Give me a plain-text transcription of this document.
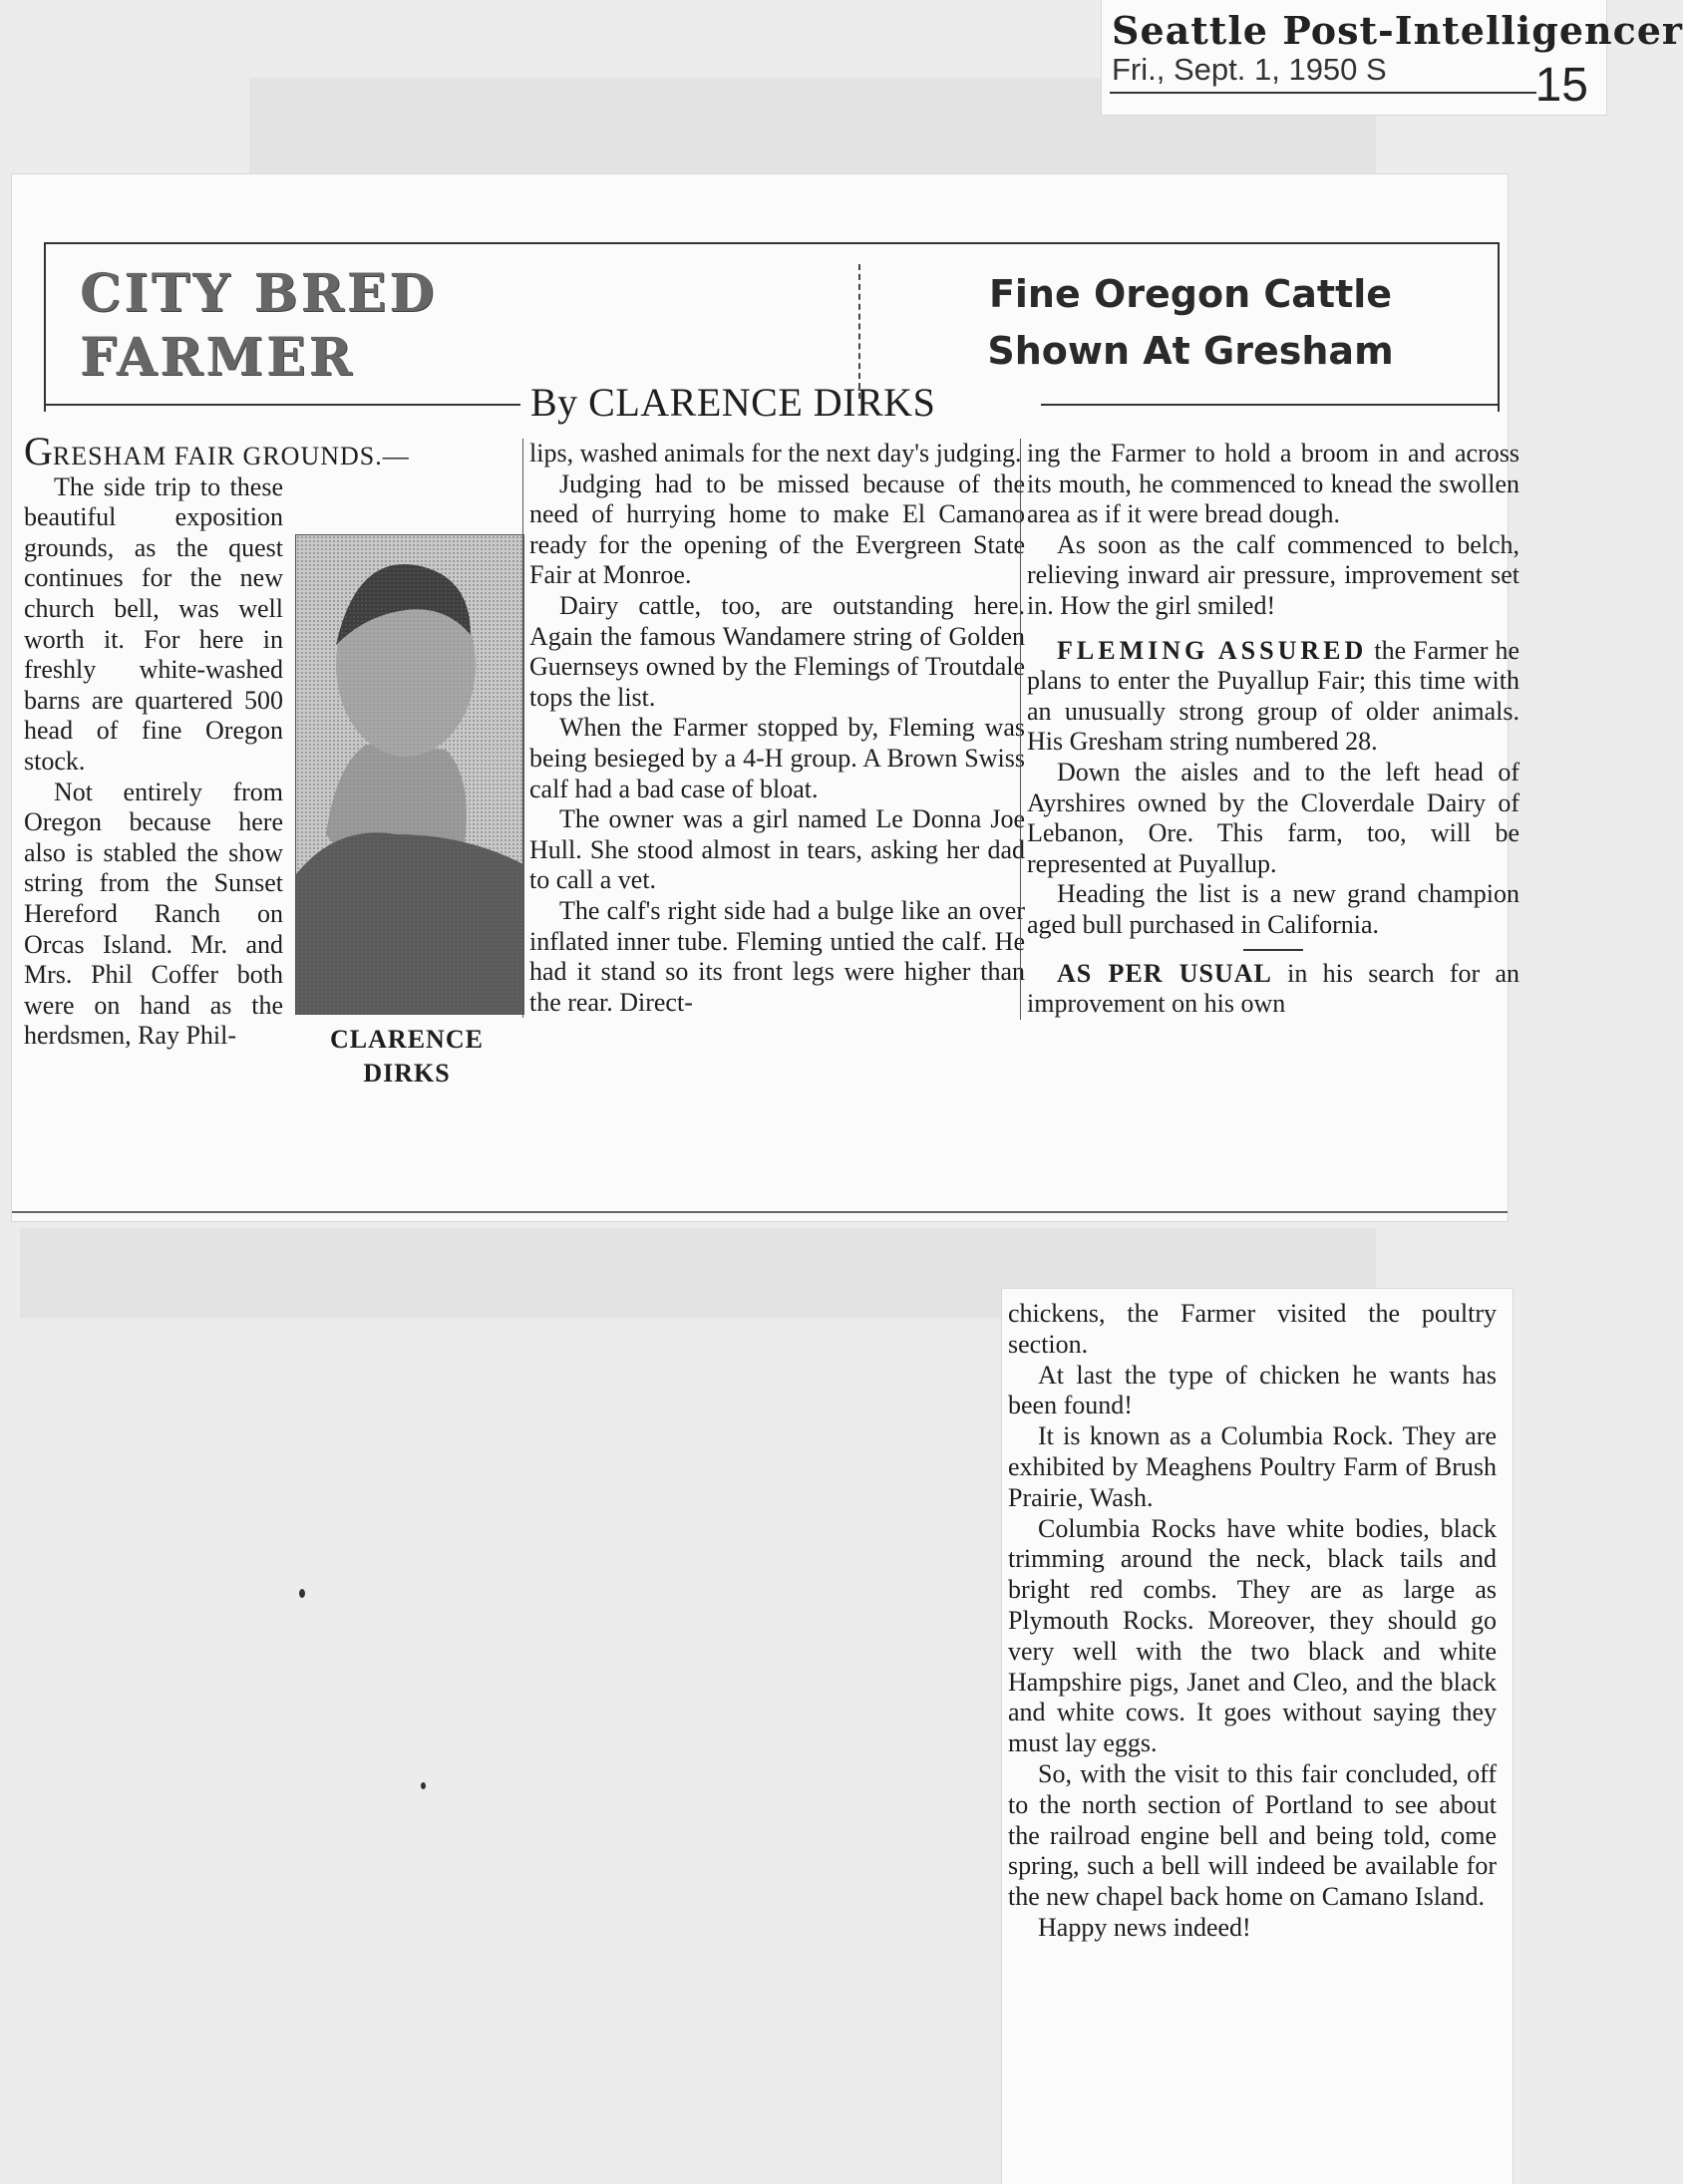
Seattle Post-Intelligencer
Fri., Sept. 1, 1950 S	15
CITY BRED
FARMER
Fine Oregon Cattle
Shown At Gresham
By CLARENCE DIRKS

GRESHAM FAIR GROUNDS.—

CLARENCE
DIRKS

The side trip to these beautiful exposition grounds, as the quest continues for the new church bell, was well worth it. For here in freshly white-washed barns are quartered 500 head of fine Oregon stock.

Not entirely from Oregon because here also is stabled the show string from the Sunset Hereford Ranch on Orcas Island. Mr. and Mrs. Phil Coffer both were on hand as the herdsmen, Ray Phil-

lips, washed animals for the next day's judging.

Judging had to be missed because of the need of hurrying home to make El Camano ready for the opening of the Evergreen State Fair at Monroe.

Dairy cattle, too, are outstanding here. Again the famous Wandamere string of Golden Guernseys owned by the Flemings of Troutdale tops the list.

When the Farmer stopped by, Fleming was being besieged by a 4-H group. A Brown Swiss calf had a bad case of bloat.

The owner was a girl named Le Donna Joe Hull. She stood almost in tears, asking her dad to call a vet.

The calf's right side had a bulge like an over inflated inner tube. Fleming untied the calf. He had it stand so its front legs were higher than the rear. Direct-

ing the Farmer to hold a broom in and across its mouth, he commenced to knead the swollen area as if it were bread dough.

As soon as the calf commenced to belch, relieving inward air pressure, improvement set in. How the girl smiled!

FLEMING ASSURED the Farmer he plans to enter the Puyallup Fair; this time with an unusually strong group of older animals. His Gresham string numbered 28.

Down the aisles and to the left head of Ayrshires owned by the Cloverdale Dairy of Lebanon, Ore. This farm, too, will be represented at Puyallup.

Heading the list is a new grand champion aged bull purchased in California.

AS PER USUAL in his search for an improvement on his own

chickens, the Farmer visited the poultry section.

At last the type of chicken he wants has been found!

It is known as a Columbia Rock. They are exhibited by Meaghens Poultry Farm of Brush Prairie, Wash.

Columbia Rocks have white bodies, black trimming around the neck, black tails and bright red combs. They are as large as Plymouth Rocks. Moreover, they should go very well with the two black and white Hampshire pigs, Janet and Cleo, and the black and white cows. It goes without saying they must lay eggs.

So, with the visit to this fair concluded, off to the north section of Portland to see about the railroad engine bell and being told, come spring, such a bell will indeed be available for the new chapel back home on Camano Island.

Happy news indeed!
